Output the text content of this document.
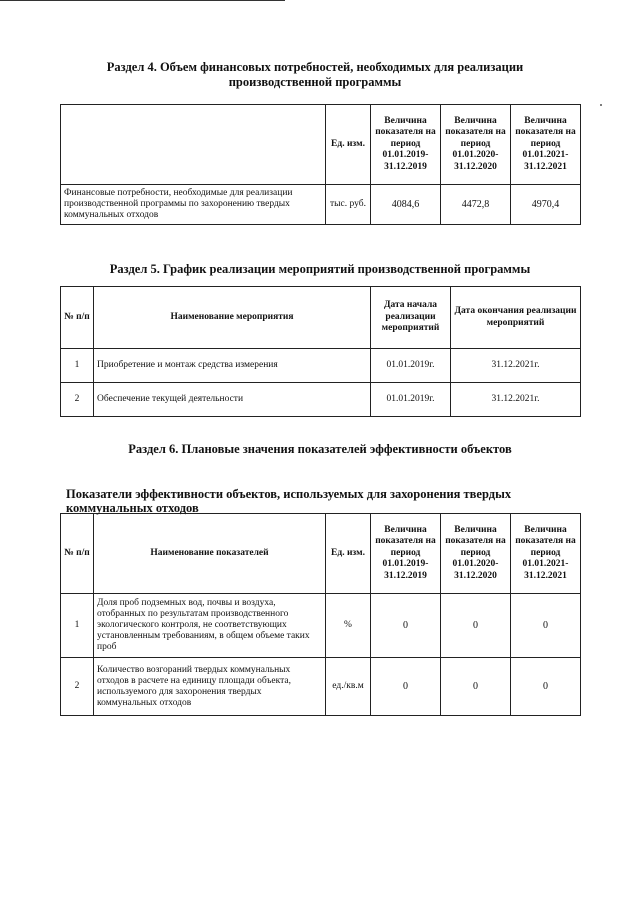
Раздел 4. Объем финансовых потребностей, необходимых для реализации производственной программы
	Ед. изм.	Величина показателя на период 01.01.2019-31.12.2019	Величина показателя на период 01.01.2020-31.12.2020	Величина показателя на период 01.01.2021-31.12.2021
Финансовые потребности, необходимые для реализации производственной программы по захоронению твердых коммунальных отходов	тыс. руб.	4084,6	4472,8	4970,4
Раздел 5. График реализации мероприятий производственной программы
№ п/п	Наименование мероприятия	Дата начала реализации мероприятий	Дата окончания реализации мероприятий
1	Приобретение и монтаж средства измерения	01.01.2019г.	31.12.2021г.
2	Обеспечение текущей деятельности	01.01.2019г.	31.12.2021г.
Раздел 6. Плановые значения показателей эффективности объектов
Показатели эффективности объектов, используемых для захоронения твердых коммунальных отходов
№ п/п	Наименование показателей	Ед. изм.	Величина показателя на период 01.01.2019-31.12.2019	Величина показателя на период 01.01.2020-31.12.2020	Величина показателя на период 01.01.2021-31.12.2021
1	Доля проб подземных вод, почвы и воздуха, отобранных по результатам производственного экологического контроля, не соответствующих установленным требованиям, в общем объеме таких проб	%	0	0	0
2	Количество возгораний твердых коммунальных отходов в расчете на единицу площади объекта, используемого для захоронения твердых коммунальных отходов	ед./кв.м	0	0	0
